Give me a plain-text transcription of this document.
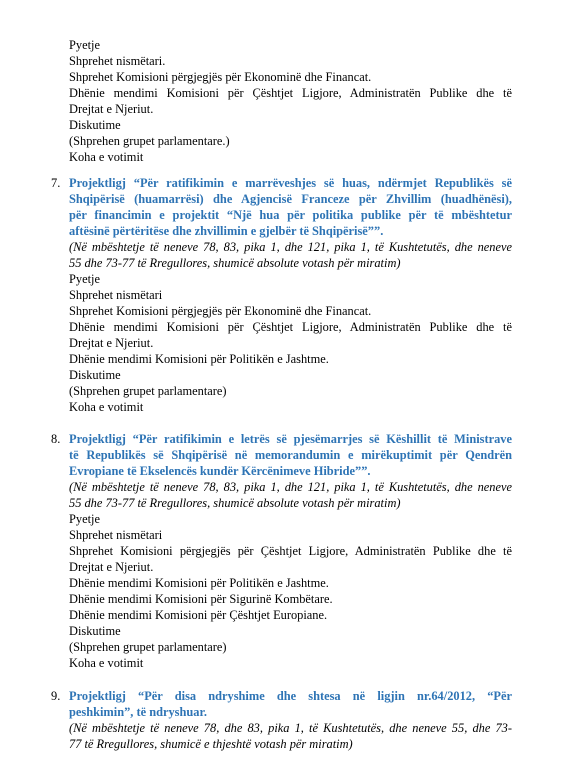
Pyetje
Shprehet nismëtari.
Shprehet Komisioni përgjegjës për Ekonominë dhe Financat.
Dhënie mendimi Komisioni për Çështjet Ligjore, Administratën Publike dhe të
Drejtat e Njeriut.
Diskutime
(Shprehen grupet parlamentare.)
Koha e votimit
7. Projektligj “Për ratifikimin e marrëveshjes së huas, ndërmjet Republikës së
Shqipërisë (huamarrësi) dhe Agjencisë Franceze për Zhvillim (huadhënësi),
për financimin e projektit “Një hua për politika publike për të mbështetur
aftësinë përtëritëse dhe zhvillimin e gjelbër të Shqipërisë””.
(Në mbështetje të neneve 78, 83, pika 1, dhe 121, pika 1, të Kushtetutës, dhe neneve
55 dhe 73-77 të Rregullores, shumicë absolute votash për miratim)
Pyetje
Shprehet nismëtari
Shprehet Komisioni përgjegjës për Ekonominë dhe Financat.
Dhënie mendimi Komisioni për Çështjet Ligjore, Administratën Publike dhe të
Drejtat e Njeriut.
Dhënie mendimi Komisioni për Politikën e Jashtme.
Diskutime
(Shprehen grupet parlamentare)
Koha e votimit
8. Projektligj “Për ratifikimin e letrës së pjesëmarrjes së Këshillit të Ministrave
të Republikës së Shqipërisë në memorandumin e mirëkuptimit për Qendrën
Evropiane të Ekselencës kundër Kërcënimeve Hibride””.
(Në mbështetje të neneve 78, 83, pika 1, dhe 121, pika 1, të Kushtetutës, dhe neneve
55 dhe 73-77 të Rregullores, shumicë absolute votash për miratim)
Pyetje
Shprehet nismëtari
Shprehet Komisioni përgjegjës për Çështjet Ligjore, Administratën Publike dhe të
Drejtat e Njeriut.
Dhënie mendimi Komisioni për Politikën e Jashtme.
Dhënie mendimi Komisioni për Sigurinë Kombëtare.
Dhënie mendimi Komisioni për Çështjet Europiane.
Diskutime
(Shprehen grupet parlamentare)
Koha e votimit
9. Projektligj “Për disa ndryshime dhe shtesa në ligjin nr.64/2012, “Për
peshkimin”, të ndryshuar.
(Në mbështetje të neneve 78, dhe 83, pika 1, të Kushtetutës, dhe neneve 55, dhe 73-
77 të Rregullores, shumicë e thjeshtë votash për miratim)
